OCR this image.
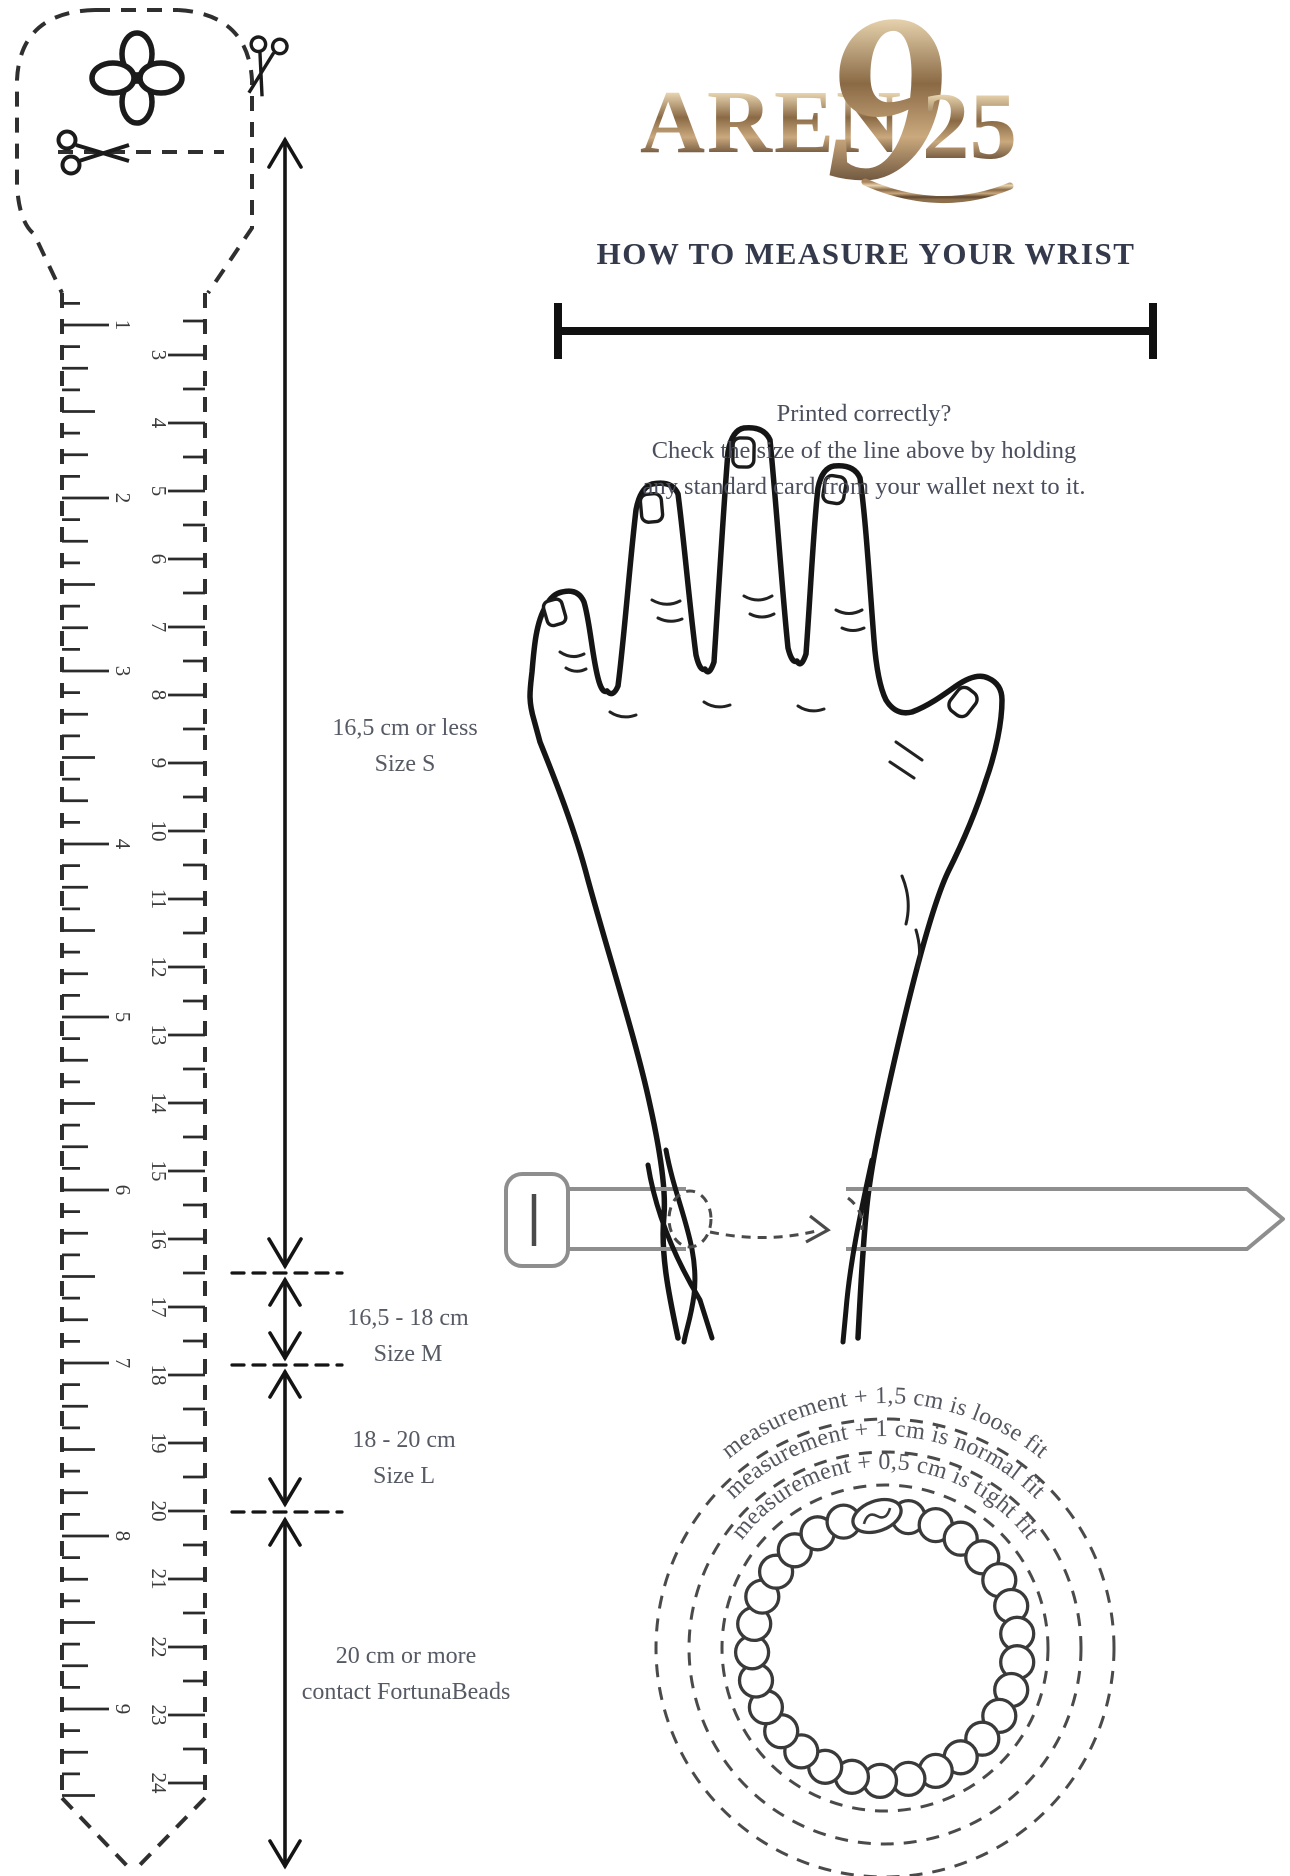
1
2
3
4
5
6
7
8
9
3
4
5
6
7
8
9
10
11
12
13
14
15
16
17
18
19
20
21
22
23
24
AREN
9
25
measurement + 0,5 cm is tight fit
measurement + 1 cm is normal fit
measurement + 1,5 cm is loose fit
HOW TO MEASURE YOUR WRIST
Printed correctly?
Check the size of the line above by holding
any standard card from your wallet next to it.
16,5 cm or less
Size S
16,5 - 18 cm
Size M
18 - 20 cm
Size L
20 cm or more
contact FortunaBeads
